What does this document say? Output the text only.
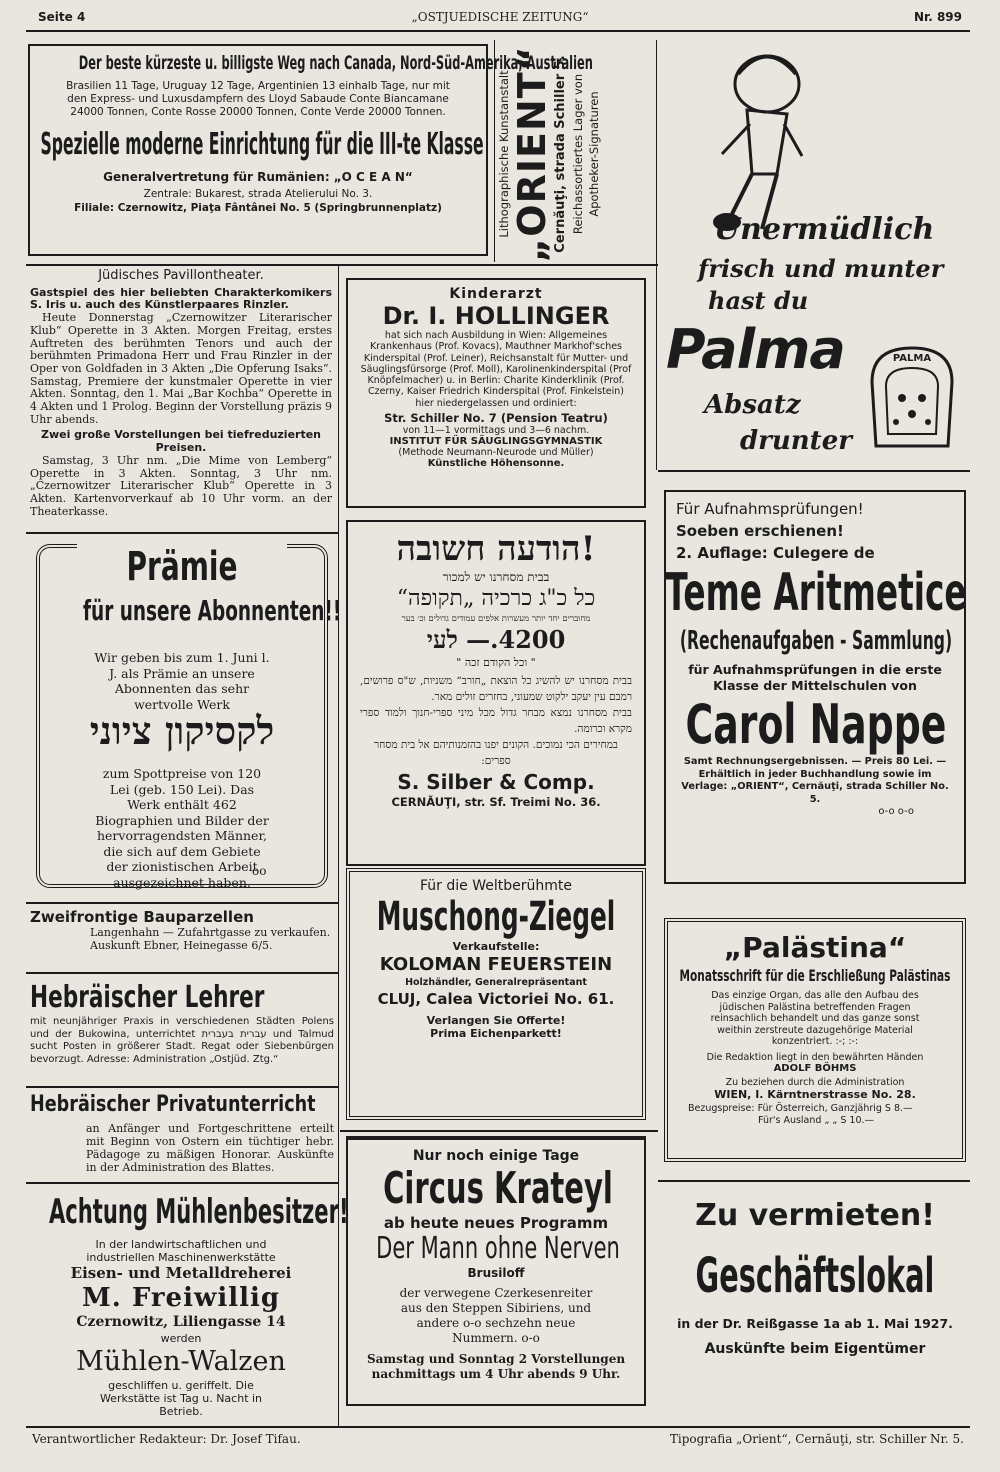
Seite 4	„OSTJUEDISCHE ZEITUNG“	Nr. 899
Der beste kürzeste u. billigste Weg nach Canada, Nord-Süd-Amerika, Australien
Brasilien 11 Tage, Uruguay 12 Tage, Argentinien 13 einhalb Tage, nur mit
den Express- und Luxusdampfern des Lloyd Sabaude Conte Biancamane
24000 Tonnen, Conte Rosse 20000 Tonnen, Conte Verde 20000 Tonnen.
Spezielle moderne Einrichtung für die III-te Klasse
Generalvertretung für Rumänien: „O C E A N“
Zentrale: Bukarest, strada Atelierului No. 3.
Filiale: Czernowitz, Piaţa Fântânei No. 5 (Springbrunnenplatz)	Lithographische Kunstanstalt „ORIENT“ Cernăuţi, strada Schiller 5. Reichassortiertes Lager von Apotheker-Signaturen
Unermüdlich
frisch und munter
hast du
Palma
Absatz
drunter
PALMA
Jüdisches Pavillontheater.

Gastspiel des hier beliebten Charakterkomikers S. Iris u. auch des Künstlerpaares Rinzler.

Heute Donnerstag „Czernowitzer Literarischer Klub“ Operette in 3 Akten. Morgen Freitag, erstes Auftreten des berühmten Tenors und auch der berühmten Primadona Herr und Frau Rinzler in der Oper von Goldfaden in 3 Akten „Die Opferung Isaks“. Samstag, Premiere der kunstmaler Operette in vier Akten. Sonntag, den 1. Mai „Bar Kochba“ Operette in 4 Akten und 1 Prolog. Beginn der Vorstellung präzis 9 Uhr abends.

Zwei große Vorstellungen bei tiefreduzierten Preisen.

Samstag, 3 Uhr nm. „Die Mime von Lemberg“ Operette in 3 Akten. Sonntag, 3 Uhr nm. „Czernowitzer Literarischer Klub“ Operette in 3 Akten. Kartenvorverkauf ab 10 Uhr vorm. an der Theaterkasse.

Kinderarzt
Dr. I. HOLLINGER

hat sich nach Ausbildung in Wien: Allgemeines Krankenhaus (Prof. Kovacs), Mauthner Markhof'sches Kinderspital (Prof. Leiner), Reichsanstalt für Mutter- und Säuglingsfürsorge (Prof. Moll), Karolinenkinderspital (Prof Knöpfelmacher) u. in Berlin: Charite Kinderklinik (Prof. Czerny, Kaiser Friedrich Kinderspital (Prof. Finkelstein) hier niedergelassen und ordiniert:

Str. Schiller No. 7 (Pension Teatru)
von 11—1 vormittags und 3—6 nachm.
INSTITUT FÜR SÄUGLINGSGYMNASTIK
(Methode Neumann-Neurode und Müller)
Künstliche Höhensonne.
Prämie
für unsere Abonnenten!!

Wir geben bis zum 1. Juni l. J. als Prämie an unsere Abonnenten das sehr wertvolle Werk

לקסיקון ציוני

zum Spottpreise von 120 Lei (geb. 150 Lei). Das Werk enthält 462 Biographien und Bilder der hervorragendsten Männer, die sich auf dem Gebiete der zionistischen Arbeit ausgezeichnet haben.

oo
!הודעה חשובה
בבית מסחרנו יש למכור
כל כ"ג כרכיה „תקופה“
מחוברים יחד יותר מעשרות אלפים עמודים גדולים וכ׳ בער
4200.— לעי
" וכל הקודם זכה "

בבית מסחרנו יש להשיג כל הוצאת „חורב“ משניות, ש"ס פרושים, רמבם עין יעקב ילקוט שמעוני, בחזרים זולים מאר.

בבית מסחרנו נמצא מבחר גדול מכל מיני ספרי-חנוך ולמוד ספרי מקרא וכרומה.

במחירים הכי נמוכים. הקונים יפנו בהזמנותיהם אל בית מסחר ספרים:

S. Silber & Comp.
CERNĂUŢI, str. Sf. Treimi No. 36.
Für Aufnahmsprüfungen!
Soeben erschienen!
2. Auflage: Culegere de
Teme Aritmetice
(Rechenaufgaben - Sammlung)

für Aufnahmsprüfungen in die erste Klasse der Mittelschulen von

Carol Nappe

Samt Rechnungsergebnissen. — Preis 80 Lei. — Erhältlich in jeder Buchhandlung sowie im Verlage: „ORIENT“, Cernăuţi, strada Schiller No. 5.

o-o o-o
Zweifrontige Bauparzellen

Langenhahn — Zufahrtgasse zu verkaufen. Auskunft Ebner, Heinegasse 6/5.

Hebräischer Lehrer

mit neunjähriger Praxis in verschiedenen Städten Polens und der Bukowina, unterrichtet עברית בעברית und Talmud sucht Posten in größerer Stadt. Regat oder Siebenbürgen bevorzugt. Adresse: Administration „Ostjüd. Ztg.“

Hebräischer Privatunterricht

an Anfänger und Fortgeschrittene erteilt mit Beginn von Ostern ein tüchtiger hebr. Pädagoge zu mäßigen Honorar. Auskünfte in der Administration des Blattes.

Achtung Mühlenbesitzer!

In der landwirtschaftlichen und industriellen Maschinenwerkstätte

Eisen- und Metalldreherei
M. Freiwillig
Czernowitz, Liliengasse 14
werden
Mühlen-Walzen

geschliffen u. geriffelt. Die Werkstätte ist Tag u. Nacht in Betrieb.

Für die Weltberühmte
Muschong-Ziegel
Verkaufstelle:
KOLOMAN FEUERSTEIN
Holzhändler, Generalrepräsentant
CLUJ, Calea Victoriei No. 61.
Verlangen Sie Offerte!
Prima Eichenparkett!
„Palästina“
Monatsschrift für die Erschließung Palästinas

Das einzige Organ, das alle den Aufbau des jüdischen Palästina betreffenden Fragen reinsachlich behandelt und das ganze sonst weithin zerstreute dazugehörige Material konzentriert. :-; :-:

Die Redaktion liegt in den bewährten Händen
ADOLF BÖHMS
Zu beziehen durch die Administration
WIEN, I. Kärntnerstrasse No. 28.
Bezugspreise: Für Österreich, Ganzjährig S 8.—
Für's Ausland „ „ S 10.—
Nur noch einige Tage
Circus Krateyl
ab heute neues Programm
Der Mann ohne Nerven
Brusiloff

der verwegene Czerkesenreiter aus den Steppen Sibiriens, und andere o-o sechzehn neue Nummern. o-o

Samstag und Sonntag 2 Vorstellungen nachmittags um 4 Uhr abends 9 Uhr.

Zu vermieten!
Geschäftslokal
in der Dr. Reißgasse 1a ab 1. Mai 1927.
Auskünfte beim Eigentümer
Verantwortlicher Redakteur: Dr. Josef Tifau.	Tipografia „Orient“, Cernăuţi, str. Schiller Nr. 5.
